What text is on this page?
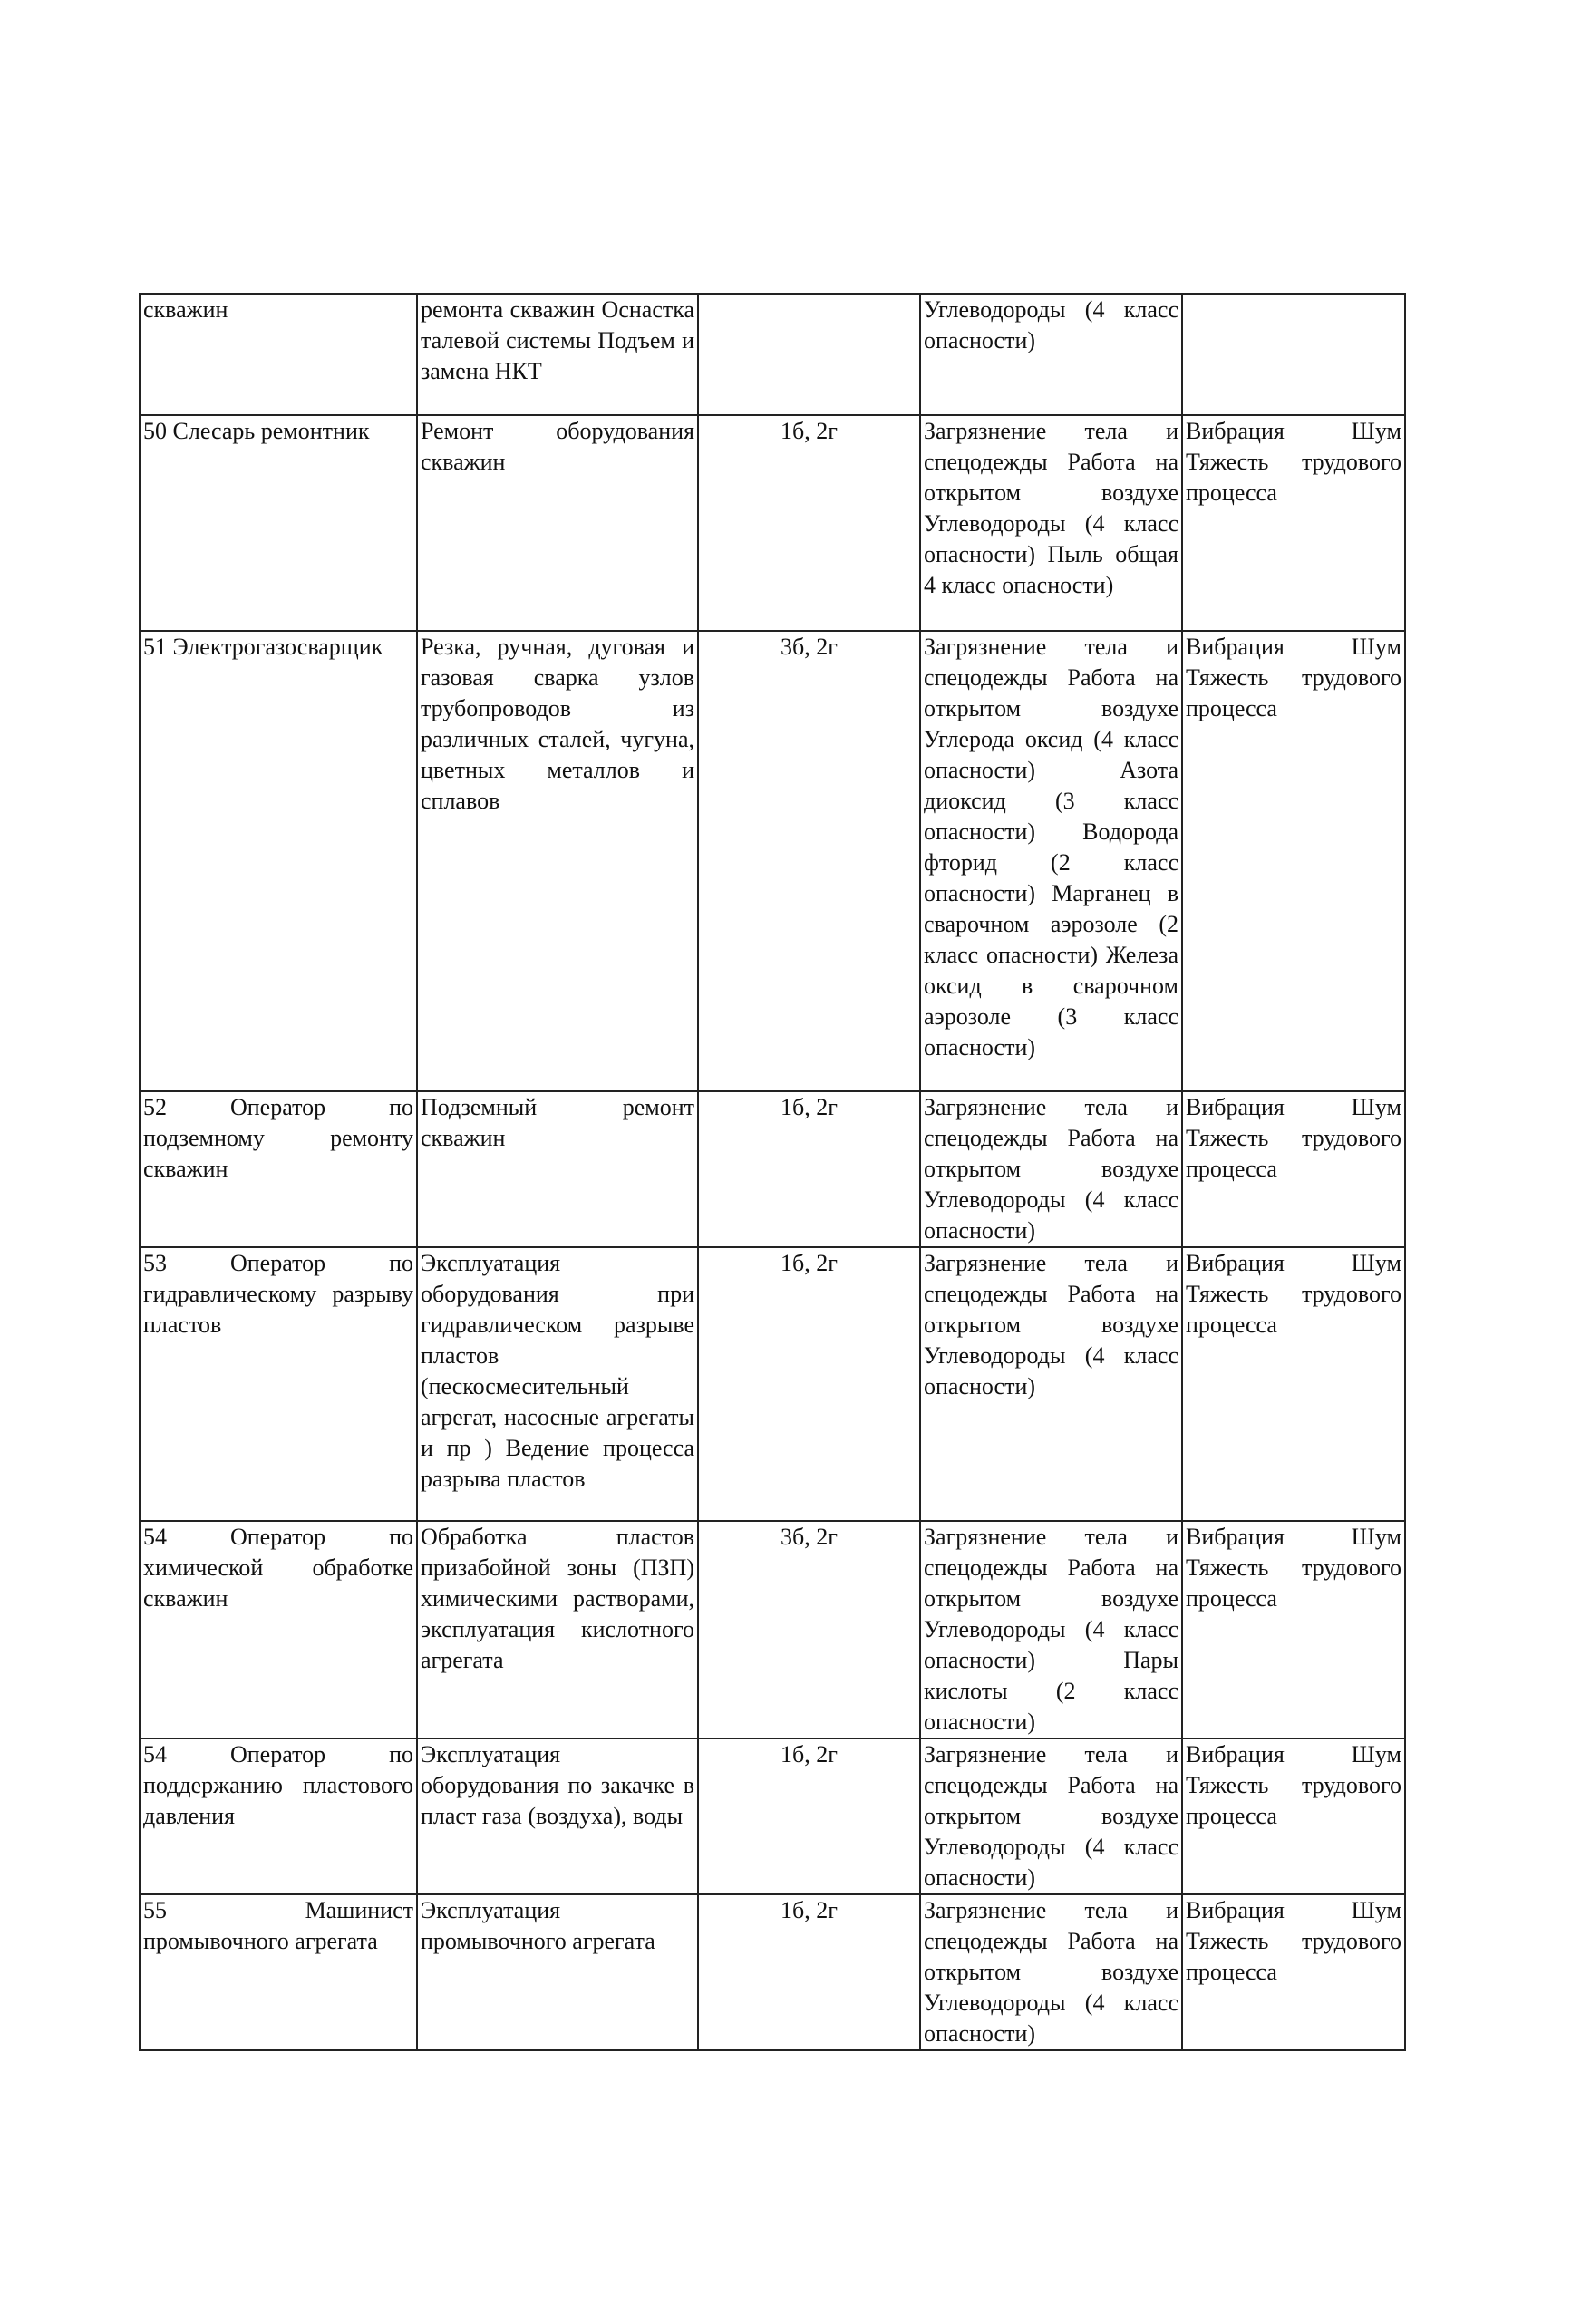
скважин	ремонта скважин Оснастка талевой системы Подъем и замена НКТ		Углеводороды (4 класс опасности)	
50 Слесарь ремонтник	Ремонт оборудования скважин	1б, 2г	Загрязнение тела и спецодежды Работа на открытом воздухе Углеводороды (4 класс опасности) Пыль общая 4 класс опасности)	Вибрация Шум Тяжесть трудового процесса
51 Электрогазосварщик	Резка, ручная, дуговая и газовая сварка узлов трубопроводов из различных сталей, чугуна, цветных металлов и сплавов	3б, 2г	Загрязнение тела и спецодежды Работа на открытом воздухе Углерода оксид (4 класс опасности) Азота диоксид (3 класс опасности) Водорода фторид (2 класс опасности) Марганец в сварочном аэрозоле (2 класс опасности) Железа оксид в сварочном аэрозоле (3 класс опасности)	Вибрация Шум Тяжесть трудового процесса
52 Оператор по подземному ремонту скважин	Подземный ремонт скважин	1б, 2г	Загрязнение тела и спецодежды Работа на открытом воздухе Углеводороды (4 класс опасности)	Вибрация Шум Тяжесть трудового процесса
53 Оператор по гидравлическому разрыву пластов	Эксплуатация оборудования при гидравлическом разрыве пластов (пескосмесительный агрегат, насосные агрегаты и пр ) Ведение процесса разрыва пластов	1б, 2г	Загрязнение тела и спецодежды Работа на открытом воздухе Углеводороды (4 класс опасности)	Вибрация Шум Тяжесть трудового процесса
54 Оператор по химической обработке скважин	Обработка пластов призабойной зоны (ПЗП) химическими растворами, эксплуатация кислотного агрегата	3б, 2г	Загрязнение тела и спецодежды Работа на открытом воздухе Углеводороды (4 класс опасности) Пары кислоты (2 класс опасности)	Вибрация Шум Тяжесть трудового процесса
54 Оператор по поддержанию пластового давления	Эксплуатация оборудования по закачке в пласт газа (воздуха), воды	1б, 2г	Загрязнение тела и спецодежды Работа на открытом воздухе Углеводороды (4 класс опасности)	Вибрация Шум Тяжесть трудового процесса
55 Машинист промывочного агрегата	Эксплуатация промывочного агрегата	1б, 2г	Загрязнение тела и спецодежды Работа на открытом воздухе Углеводороды (4 класс опасности)	Вибрация Шум Тяжесть трудового процесса
